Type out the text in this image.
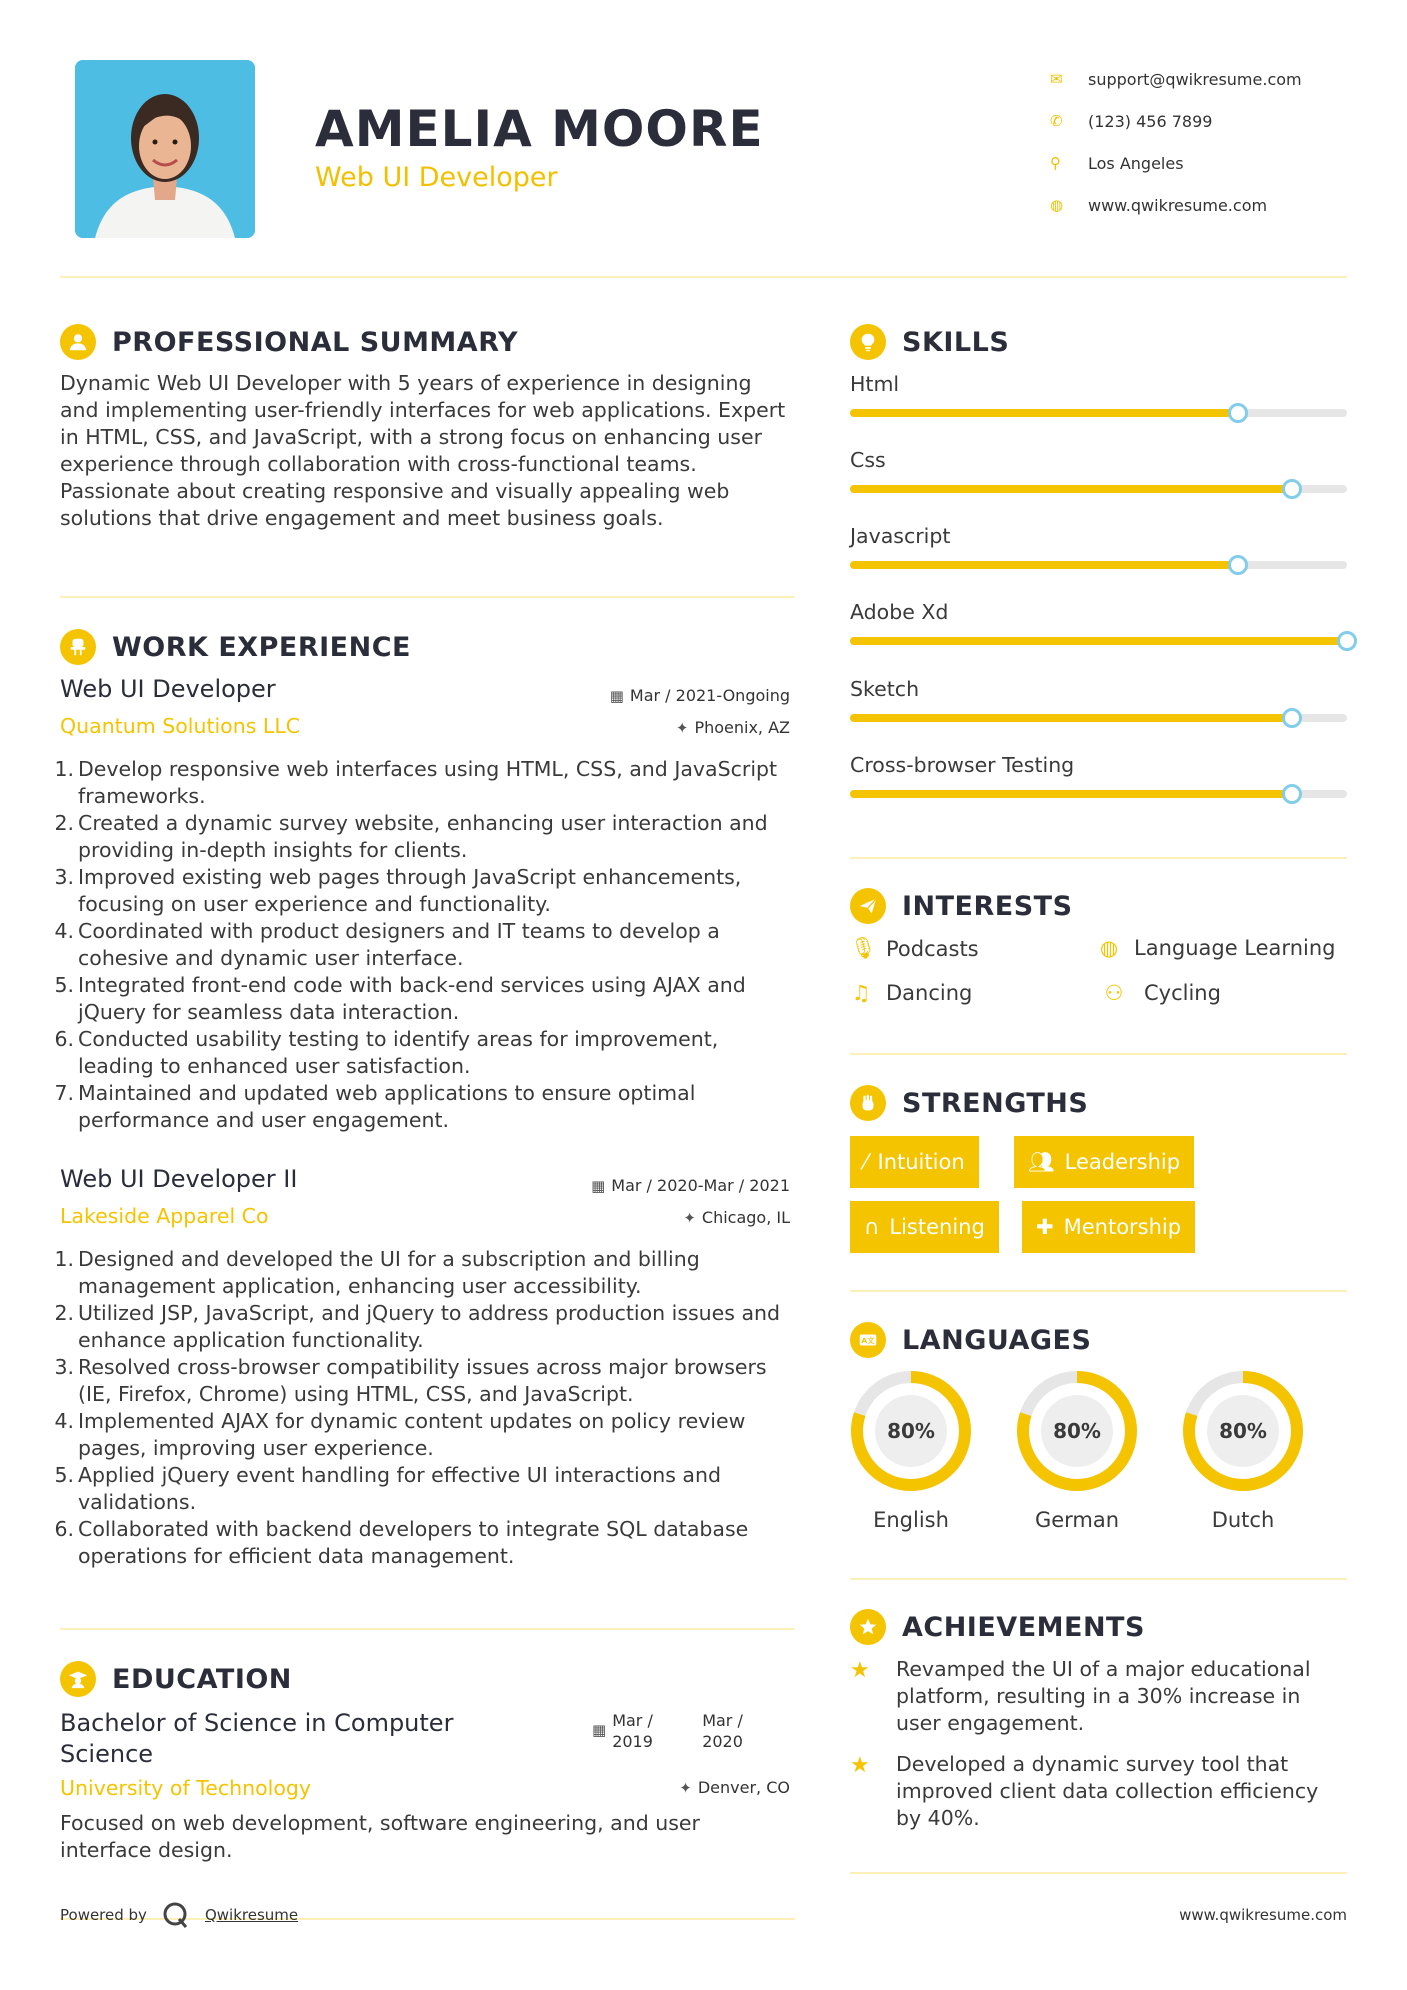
AMELIA MOORE
Web UI Developer
✉	support@qwikresume.com
✆	(123) 456 7899
⚲	Los Angeles
◍	www.qwikresume.com
PROFESSIONAL SUMMARY
Dynamic Web UI Developer with 5 years of experience in designing and implementing user-friendly interfaces for web applications. Expert in HTML, CSS, and JavaScript, with a strong focus on enhancing user experience through collaboration with cross-functional teams. Passionate about creating responsive and visually appealing web solutions that drive engagement and meet business goals.
WORK EXPERIENCE
Web UI Developer
Quantum Solutions LLC
▦ Mar / 2021-Ongoing
✦ Phoenix, AZ
1. Develop responsive web interfaces using HTML, CSS, and JavaScript frameworks.
2. Created a dynamic survey website, enhancing user interaction and providing in-depth insights for clients.
3. Improved existing web pages through JavaScript enhancements, focusing on user experience and functionality.
4. Coordinated with product designers and IT teams to develop a cohesive and dynamic user interface.
5. Integrated front-end code with back-end services using AJAX and jQuery for seamless data interaction.
6. Conducted usability testing to identify areas for improvement, leading to enhanced user satisfaction.
7. Maintained and updated web applications to ensure optimal performance and user engagement.
Web UI Developer II
Lakeside Apparel Co
▦ Mar / 2020-Mar / 2021
✦ Chicago, IL
1. Designed and developed the UI for a subscription and billing management application, enhancing user accessibility.
2. Utilized JSP, JavaScript, and jQuery to address production issues and enhance application functionality.
3. Resolved cross-browser compatibility issues across major browsers (IE, Firefox, Chrome) using HTML, CSS, and JavaScript.
4. Implemented AJAX for dynamic content updates on policy review pages, improving user experience.
5. Applied jQuery event handling for effective UI interactions and validations.
6. Collaborated with backend developers to integrate SQL database operations for efficient data management.
EDUCATION
Bachelor of Science in Computer Science
University of Technology
▦ Mar / 2019
Mar / 2020
✦ Denver, CO
Focused on web development, software engineering, and user interface design.
SKILLS
Html
Css
Javascript
Adobe Xd
Sketch
Cross-browser Testing
INTERESTS
🎙︎ Podcasts	◍ Language Learning
♫ Dancing	⚇ Cycling
STRENGTHS
⁄ Intuition	👥︎ Leadership
∩ Listening ✚ Mentorship
A文 LANGUAGES
80%
English
80%
German
80%
Dutch
ACHIEVEMENTS
★	Revamped the UI of a major educational platform, resulting in a 30% increase in user engagement.
★	Developed a dynamic survey tool that improved client data collection efficiency by 40%.
Powered by	Qwikresume	www.qwikresume.com
